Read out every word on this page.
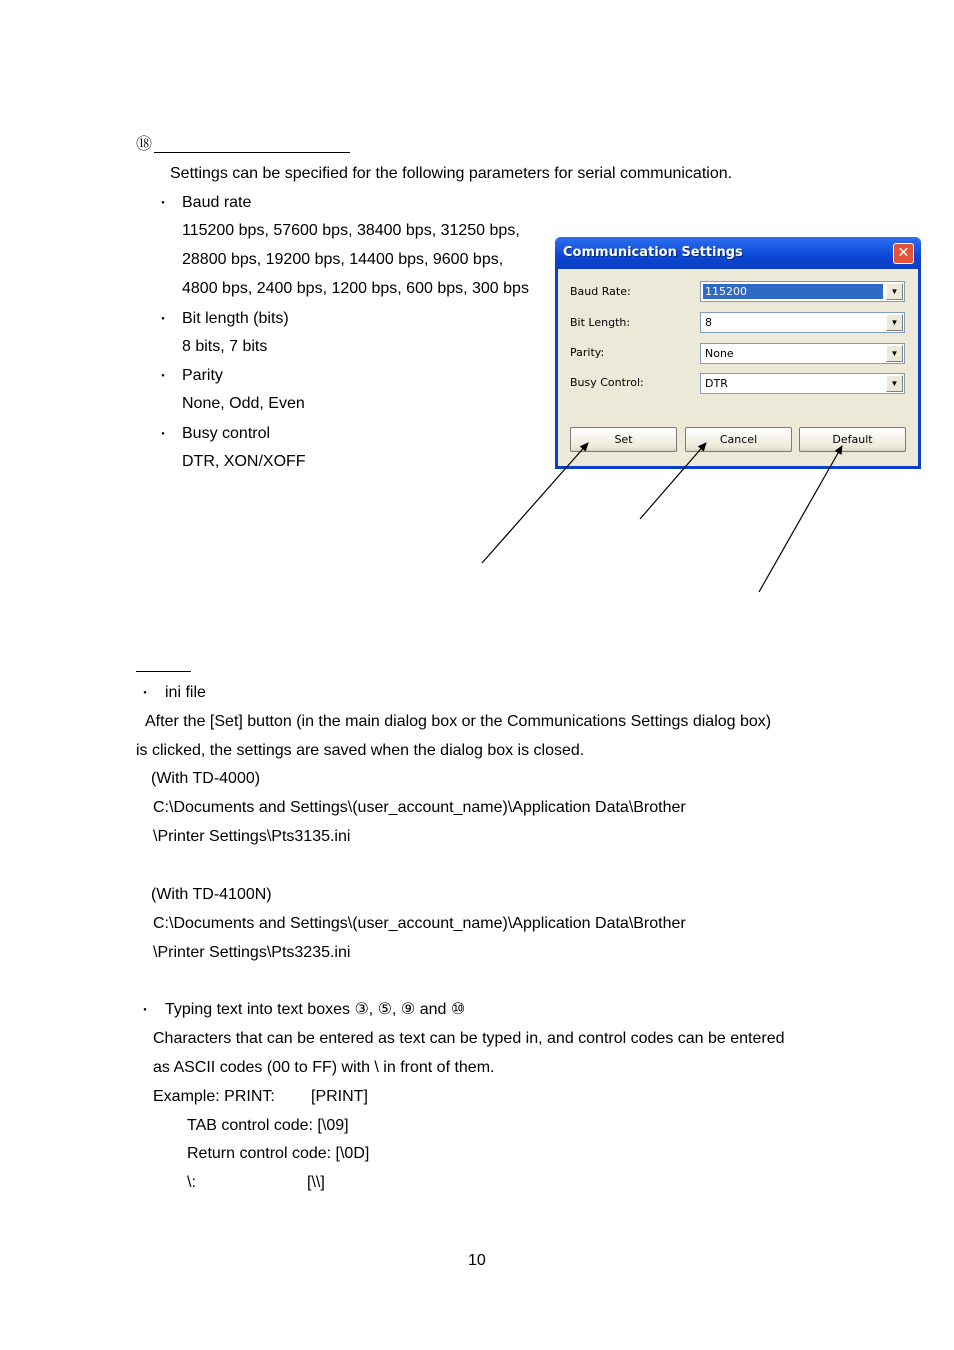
⑱
Settings can be specified for the following parameters for serial communication.
・ Baud rate
115200 bps, 57600 bps, 38400 bps, 31250 bps,
28800 bps, 19200 bps, 14400 bps, 9600 bps,
4800 bps, 2400 bps, 1200 bps, 600 bps, 300 bps
・ Bit length (bits)
8 bits, 7 bits
・ Parity
None, Odd, Even
・ Busy control
DTR, XON/XOFF
Communication Settings	✕
Baud Rate:	115200	▼
Bit Length:	8	▼
Parity:	None	▼
Busy Control:	DTR	▼
Set	Cancel	Default
・ ini file
After the [Set] button (in the main dialog box or the Communications Settings dialog box)
is clicked, the settings are saved when the dialog box is closed.
(With TD-4000)
C:\Documents and Settings\(user_account_name)\Application Data\Brother
\Printer Settings\Pts3135.ini
(With TD-4100N)
C:\Documents and Settings\(user_account_name)\Application Data\Brother
\Printer Settings\Pts3235.ini
・ Typing text into text boxes ③, ⑤, ⑨ and ⑩
Characters that can be entered as text can be typed in, and control codes can be entered
as ASCII codes (00 to FF) with \ in front of them.
Example: PRINT: [PRINT]
TAB control code: [\09]
Return control code: [\0D]
\:	[\\]
10
